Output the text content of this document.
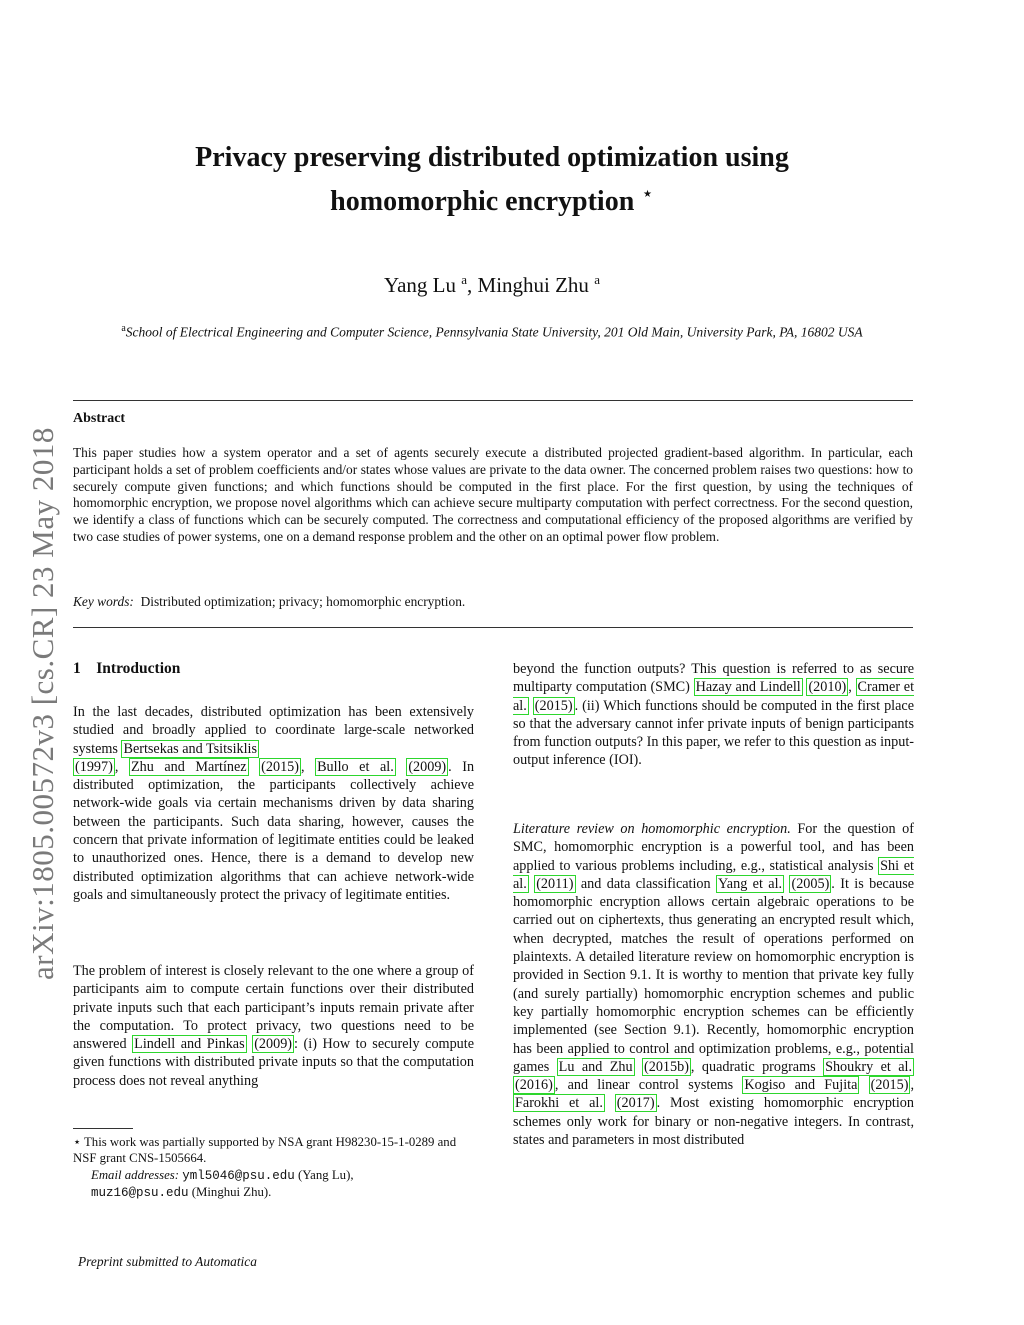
arXiv:1805.00572v3 [cs.CR] 23 May 2018
Privacy preserving distributed optimization using
homomorphic encryption ⋆
Yang Lu $^a$, Minghui Zhu $^a$
$^a$School of Electrical Engineering and Computer Science, Pennsylvania State University, 201 Old Main, University Park, PA, 16802 USA
Abstract
This paper studies how a system operator and a set of agents securely execute a distributed projected gradient-based algorithm. In particular, each participant holds a set of problem coefficients and/or states whose values are private to the data owner. The concerned problem raises two questions: how to securely compute given functions; and which functions should be computed in the first place. For the first question, by using the techniques of homomorphic encryption, we propose novel algorithms which can achieve secure multiparty computation with perfect correctness. For the second question, we identify a class of functions which can be securely computed. The correctness and computational efficiency of the proposed algorithms are verified by two case studies of power systems, one on a demand response problem and the other on an optimal power flow problem.
Key words: Distributed optimization; privacy; homomorphic encryption.
1    Introduction
In the last decades, distributed optimization has been extensively studied and broadly applied to coordinate large-scale networked systems Bertsekas and Tsitsiklis
(1997) , Zhu and Martínez (2015) , Bullo et al. (2009) . In distributed optimization, the participants collectively achieve network-wide goals via certain mechanisms driven by data sharing between the participants. Such data sharing, however, causes the concern that private information of legitimate entities could be leaked to unauthorized ones. Hence, there is a demand to develop new distributed optimization algorithms that can achieve network-wide goals and simultaneously protect the privacy of legitimate entities.
The problem of interest is closely relevant to the one where a group of participants aim to compute certain functions over their distributed private inputs such that each participant’s inputs remain private after the computation. To protect privacy, two questions need to be answered Lindell and Pinkas (2009) : (i) How to securely compute given functions with distributed private inputs so that the computation process does not reveal anything

⋆ This work was partially supported by NSA grant H98230-15-1-0289 and NSF grant CNS-1505664.

Email addresses: yml5046@psu.edu (Yang Lu),
muz16@psu.edu (Minghui Zhu).

beyond the function outputs? This question is referred to as secure multiparty computation (SMC) Hazay and Lindell (2010) , Cramer et al. (2015) . (ii) Which functions should be computed in the first place so that the adversary cannot infer private inputs of benign participants from function outputs? In this paper, we refer to this question as input-output inference (IOI).
Literature review on homomorphic encryption. For the question of SMC, homomorphic encryption is a powerful tool, and has been applied to various problems including, e.g., statistical analysis Shi et al. (2011) and data classification Yang et al. (2005) . It is because homomorphic encryption allows certain algebraic operations to be carried out on ciphertexts, thus generating an encrypted result which, when decrypted, matches the result of operations performed on plaintexts. A detailed literature review on homomorphic encryption is provided in Section 9.1. It is worthy to mention that private key fully (and surely partially) homomorphic encryption schemes and public key partially homomorphic encryption schemes can be efficiently implemented (see Section 9.1). Recently, homomorphic encryption has been applied to control and optimization problems, e.g., potential games Lu and Zhu (2015b) , quadratic programs Shoukry et al. (2016) , and linear control systems Kogiso and Fujita (2015) , Farokhi et al. (2017) . Most existing homomorphic encryption schemes only work for binary or non-negative integers. In contrast, states and parameters in most distributed
Preprint submitted to Automatica
